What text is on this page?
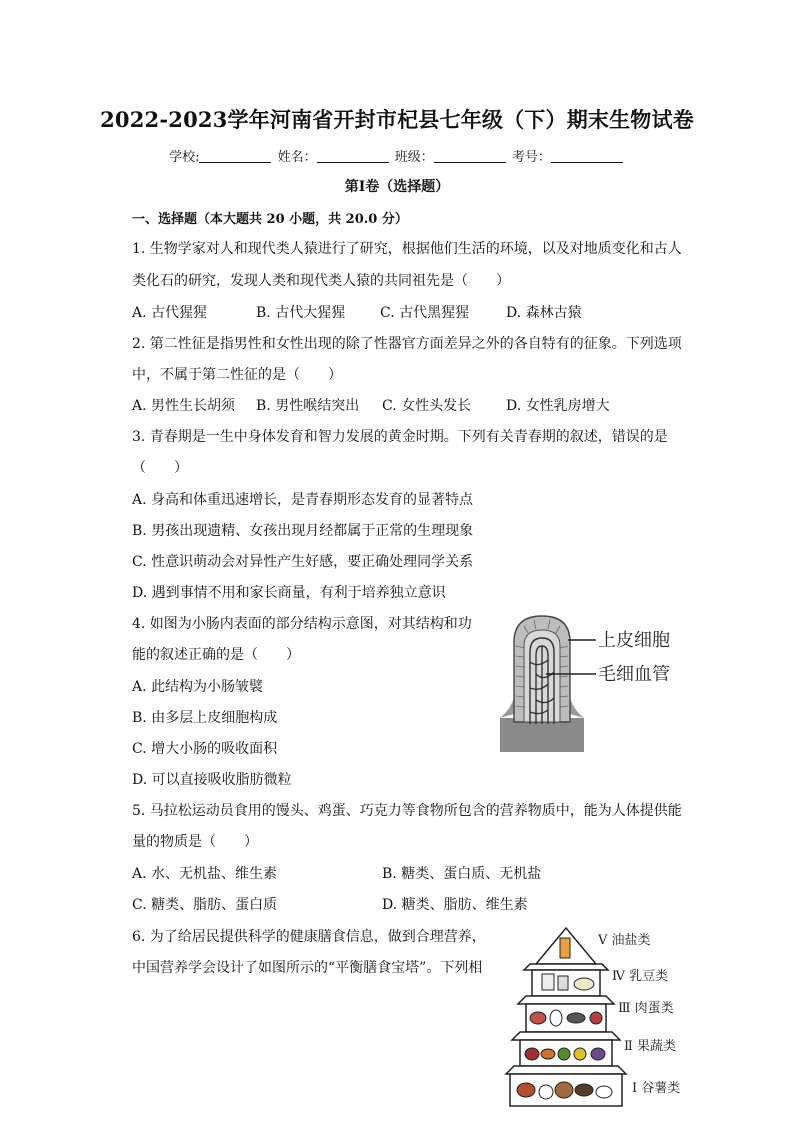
2022-2023学年河南省开封市杞县七年级（下）期末生物试卷
学校:	姓名：	班级：	考号：
第I卷（选择题）
一、选择题（本大题共 20 小题，共 20.0 分）
1. 生物学家对人和现代类人猿进行了研究，根据他们生活的环境，以及对地质变化和古人
类化石的研究，发现人类和现代类人猿的共同祖先是（　　）
A. 古代猩猩	B. 古代大猩猩 C. 古代黑猩猩	D. 森林古猿
2. 第二性征是指男性和女性出现的除了性器官方面差异之外的各自特有的征象。下列选项
中，不属于第二性征的是（　　）
A. 男性生长胡须 B. 男性喉结突出 C. 女性头发长 D. 女性乳房增大
3. 青春期是一生中身体发育和智力发展的黄金时期。下列有关青春期的叙述，错误的是
（　　）
A. 身高和体重迅速增长，是青春期形态发育的显著特点
B. 男孩出现遗精、女孩出现月经都属于正常的生理现象
C. 性意识萌动会对异性产生好感，要正确处理同学关系
D. 遇到事情不用和家长商量，有利于培养独立意识
4. 如图为小肠内表面的部分结构示意图，对其结构和功
能的叙述正确的是（　　）
A. 此结构为小肠皱襞
B. 由多层上皮细胞构成
C. 增大小肠的吸收面积
D. 可以直接吸收脂肪微粒
上皮细胞
毛细血管
5. 马拉松运动员食用的馒头、鸡蛋、巧克力等食物所包含的营养物质中，能为人体提供能
量的物质是（　　）
A. 水、无机盐、维生素	B. 糖类、蛋白质、无机盐
C. 糖类、脂肪、蛋白质	D. 糖类、脂肪、维生素
6. 为了给居民提供科学的健康膳食信息，做到合理营养，
中国营养学会设计了如图所示的“平衡膳食宝塔”。下列相
Ⅴ 油盐类
Ⅳ 乳豆类
Ⅲ 肉蛋类
Ⅱ 果蔬类
Ⅰ 谷薯类
